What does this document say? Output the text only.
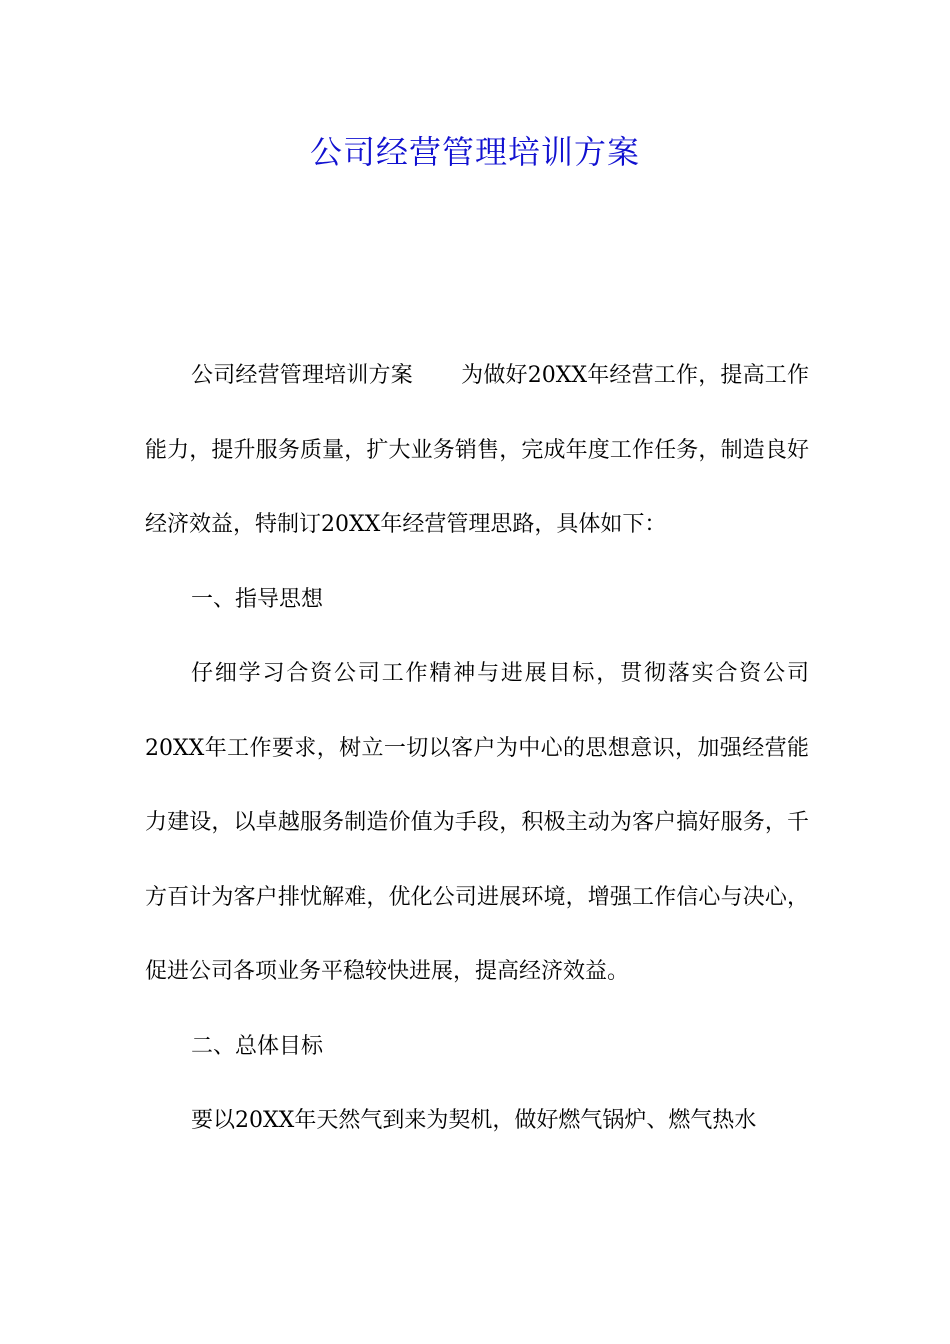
公司经营管理培训方案

公司经营管理培训方案 为做好20XX年经营工作，提高工作能力，提升服务质量，扩大业务销售，完成年度工作任务，制造良好经济效益，特制订20XX年经营管理思路，具体如下：

一、指导思想

仔细学习合资公司工作精神与进展目标，贯彻落实合资公司20XX年工作要求，树立一切以客户为中心的思想意识，加强经营能力建设，以卓越服务制造价值为手段，积极主动为客户搞好服务，千方百计为客户排忧解难，优化公司进展环境，增强工作信心与决心，促进公司各项业务平稳较快进展，提高经济效益。

二、总体目标

要以20XX年天然气到来为契机，做好燃气锅炉、燃气热水
